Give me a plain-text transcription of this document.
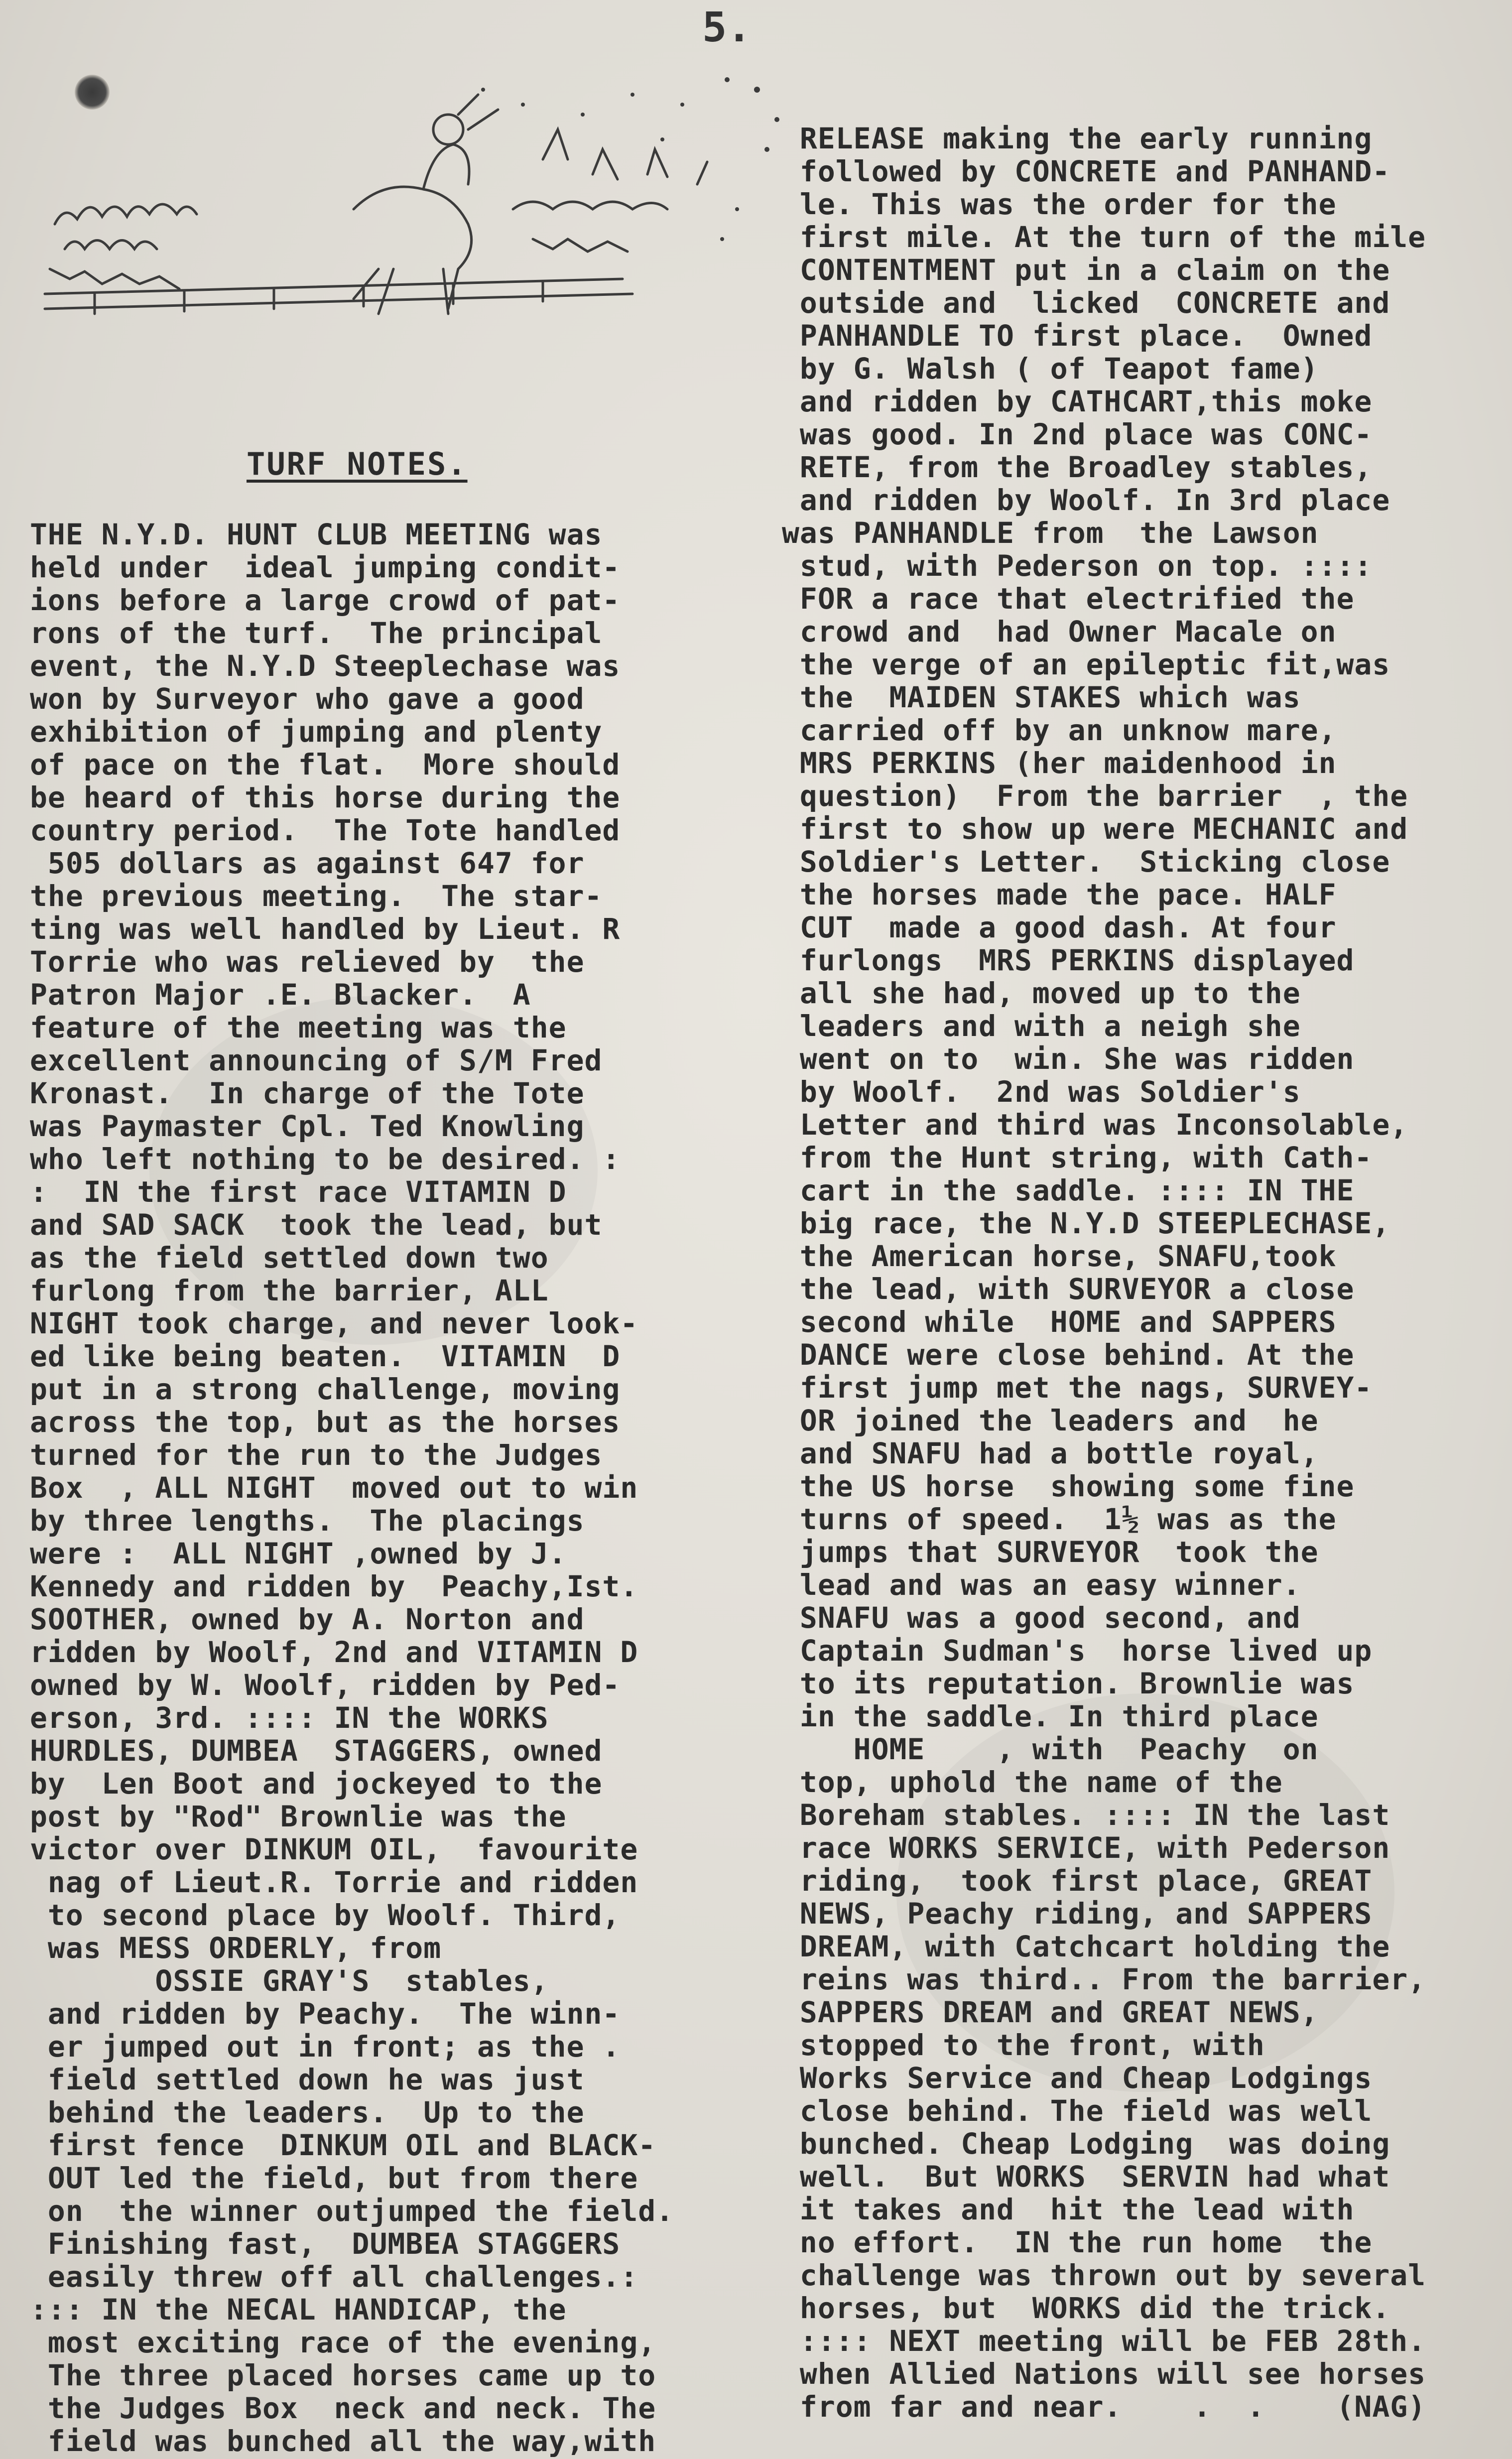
5.
TURF NOTES.
THE N.Y.D. HUNT CLUB MEETING was
held under  ideal jumping condit-
ions before a large crowd of pat-
rons of the turf.  The principal
event, the N.Y.D Steeplechase was
won by Surveyor who gave a good
exhibition of jumping and plenty
of pace on the flat.  More should
be heard of this horse during the
country period.  The Tote handled
505 dollars as against 647 for
the previous meeting.  The star-
ting was well handled by Lieut. R
Torrie who was relieved by  the
Patron Major .E. Blacker.  A
feature of the meeting was the
excellent announcing of S/M Fred
Kronast.  In charge of the Tote
was Paymaster Cpl. Ted Knowling
who left nothing to be desired. :
:  IN the first race VITAMIN D
and SAD SACK  took the lead, but
as the field settled down two
furlong from the barrier, ALL
NIGHT took charge, and never look-
ed like being beaten.  VITAMIN  D
put in a strong challenge, moving
across the top, but as the horses
turned for the run to the Judges
Box  , ALL NIGHT  moved out to win
by three lengths.  The placings
were :  ALL NIGHT ,owned by J.
Kennedy and ridden by  Peachy,Ist.
SOOTHER, owned by A. Norton and
ridden by Woolf, 2nd and VITAMIN D
owned by W. Woolf, ridden by Ped-
erson, 3rd. :::: IN the WORKS
HURDLES, DUMBEA  STAGGERS, owned
by  Len Boot and jockeyed to the
post by "Rod" Brownlie was the
victor over DINKUM OIL,  favourite
nag of Lieut.R. Torrie and ridden
to second place by Woolf. Third,
was MESS ORDERLY, from
OSSIE GRAY'S  stables,
and ridden by Peachy.  The winn-
er jumped out in front; as the .
field settled down he was just
behind the leaders.  Up to the
first fence  DINKUM OIL and BLACK-
OUT led the field, but from there
on  the winner outjumped the field.
Finishing fast,  DUMBEA STAGGERS
easily threw off all challenges.:
::: IN the NECAL HANDICAP, the
most exciting race of the evening,
The three placed horses came up to
the Judges Box  neck and neck. The
field was bunched all the way,with
RELEASE making the early running
followed by CONCRETE and PANHAND-
le. This was the order for the
first mile. At the turn of the mile
CONTENTMENT put in a claim on the
outside and  licked  CONCRETE and
PANHANDLE TO first place.  Owned
by G. Walsh ( of Teapot fame)
and ridden by CATHCART,this moke
was good. In 2nd place was CONC-
RETE, from the Broadley stables,
and ridden by Woolf. In 3rd place
was PANHANDLE from  the Lawson
stud, with Pederson on top. ::::
FOR a race that electrified the
crowd and  had Owner Macale on
the verge of an epileptic fit,was
the  MAIDEN STAKES which was
carried off by an unknow mare,
MRS PERKINS (her maidenhood in
question)  From the barrier  , the
first to show up were MECHANIC and
Soldier's Letter.  Sticking close
the horses made the pace. HALF
CUT  made a good dash. At four
furlongs  MRS PERKINS displayed
all she had, moved up to the
leaders and with a neigh she
went on to  win. She was ridden
by Woolf.  2nd was Soldier's
Letter and third was Inconsolable,
from the Hunt string, with Cath-
cart in the saddle. :::: IN THE
big race, the N.Y.D STEEPLECHASE,
the American horse, SNAFU,took
the lead, with SURVEYOR a close
second while  HOME and SAPPERS
DANCE were close behind. At the
first jump met the nags, SURVEY-
OR joined the leaders and  he
and SNAFU had a bottle royal,
the US horse  showing some fine
turns of speed.  1½ was as the
jumps that SURVEYOR  took the
lead and was an easy winner.
SNAFU was a good second, and
Captain Sudman's  horse lived up
to its reputation. Brownlie was
in the saddle. In third place
HOME    , with  Peachy  on
top, uphold the name of the
Boreham stables. :::: IN the last
race WORKS SERVICE, with Pederson
riding,  took first place, GREAT
NEWS, Peachy riding, and SAPPERS
DREAM, with Catchcart holding the
reins was third.. From the barrier,
SAPPERS DREAM and GREAT NEWS,
stopped to the front, with
Works Service and Cheap Lodgings
close behind. The field was well
bunched. Cheap Lodging  was doing
well.  But WORKS  SERVIN had what
it takes and  hit the lead with
no effort.  IN the run home  the
challenge was thrown out by several
horses, but  WORKS did the trick.
:::: NEXT meeting will be FEB 28th.
when Allied Nations will see horses
from far and near.    .  .    (NAG)
